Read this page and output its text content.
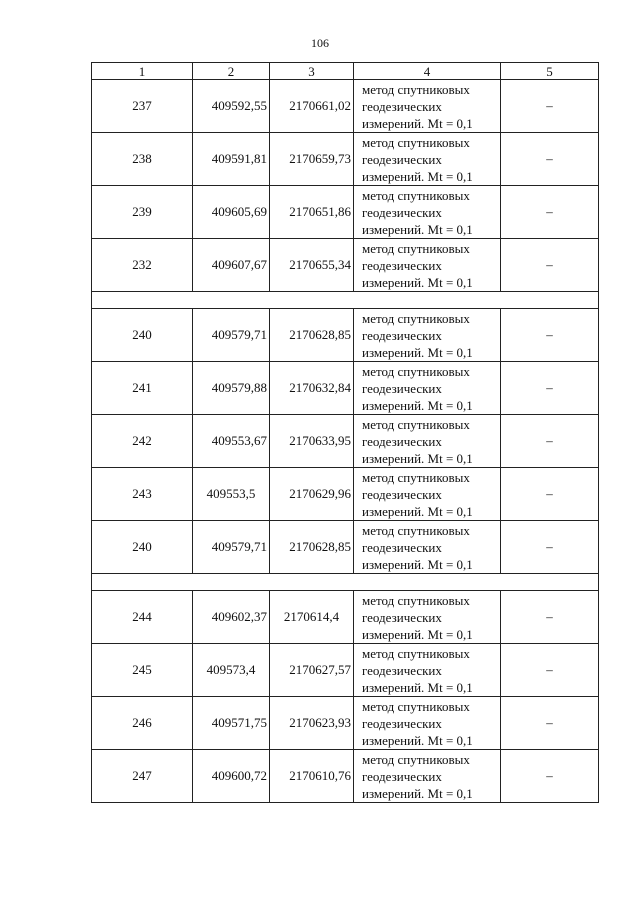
106
1	2	3	4	5
237	409592,55	2170661,02	метод спутниковых
геодезических
измерений. Mt = 0,1	–
238	409591,81	2170659,73	метод спутниковых
геодезических
измерений. Mt = 0,1	–
239	409605,69	2170651,86	метод спутниковых
геодезических
измерений. Mt = 0,1	–
232	409607,67	2170655,34	метод спутниковых
геодезических
измерений. Mt = 0,1	–

240	409579,71	2170628,85	метод спутниковых
геодезических
измерений. Mt = 0,1	–
241	409579,88	2170632,84	метод спутниковых
геодезических
измерений. Mt = 0,1	–
242	409553,67	2170633,95	метод спутниковых
геодезических
измерений. Mt = 0,1	–
243	409553,5	2170629,96	метод спутниковых
геодезических
измерений. Mt = 0,1	–
240	409579,71	2170628,85	метод спутниковых
геодезических
измерений. Mt = 0,1	–

244	409602,37	2170614,4	метод спутниковых
геодезических
измерений. Mt = 0,1	–
245	409573,4	2170627,57	метод спутниковых
геодезических
измерений. Mt = 0,1	–
246	409571,75	2170623,93	метод спутниковых
геодезических
измерений. Mt = 0,1	–
247	409600,72	2170610,76	метод спутниковых
геодезических
измерений. Mt = 0,1	–
